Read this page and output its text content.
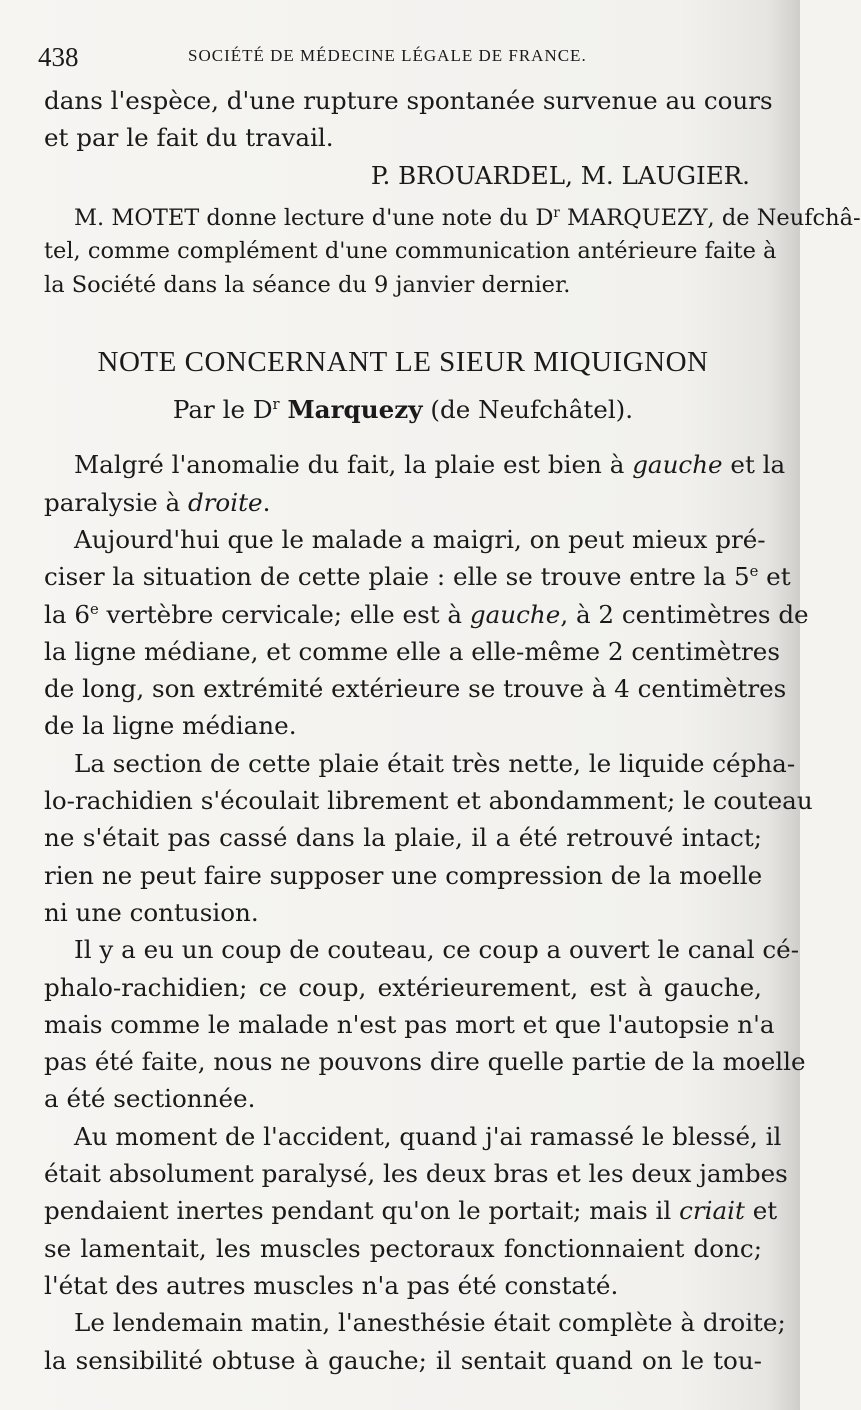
438	SOCIÉTÉ DE MÉDECINE LÉGALE DE FRANCE.
dans l'espèce, d'une rupture spontanée survenue au cours
et par le fait du travail.
P. BROUARDEL, M. LAUGIER.
M. MOTET donne lecture d'une note du $D^r$ MARQUEZY, de Neufchâ-
tel, comme complément d'une communication antérieure faite à
la Société dans la séance du 9 janvier dernier.
NOTE CONCERNANT LE SIEUR MIQUIGNON
Par le $D^r$ Marquezy (de Neufchâtel).
Malgré l'anomalie du fait, la plaie est bien à gauche et la
paralysie à droite.
Aujourd'hui que le malade a maigri, on peut mieux pré-
ciser la situation de cette plaie : elle se trouve entre la 5e et
la 6e vertèbre cervicale; elle est à gauche, à 2 centimètres de
la ligne médiane, et comme elle a elle-même 2 centimètres
de long, son extrémité extérieure se trouve à 4 centimètres
de la ligne médiane.
La section de cette plaie était très nette, le liquide cépha-
lo-rachidien s'écoulait librement et abondamment; le couteau
ne s'était pas cassé dans la plaie, il a été retrouvé intact;
rien ne peut faire supposer une compression de la moelle
ni une contusion.
Il y a eu un coup de couteau, ce coup a ouvert le canal cé-
phalo-rachidien; ce coup, extérieurement, est à gauche,
mais comme le malade n'est pas mort et que l'autopsie n'a
pas été faite, nous ne pouvons dire quelle partie de la moelle
a été sectionnée.
Au moment de l'accident, quand j'ai ramassé le blessé, il
était absolument paralysé, les deux bras et les deux jambes
pendaient inertes pendant qu'on le portait; mais il criait et
se lamentait, les muscles pectoraux fonctionnaient donc;
l'état des autres muscles n'a pas été constaté.
Le lendemain matin, l'anesthésie était complète à droite;
la sensibilité obtuse à gauche; il sentait quand on le tou-
